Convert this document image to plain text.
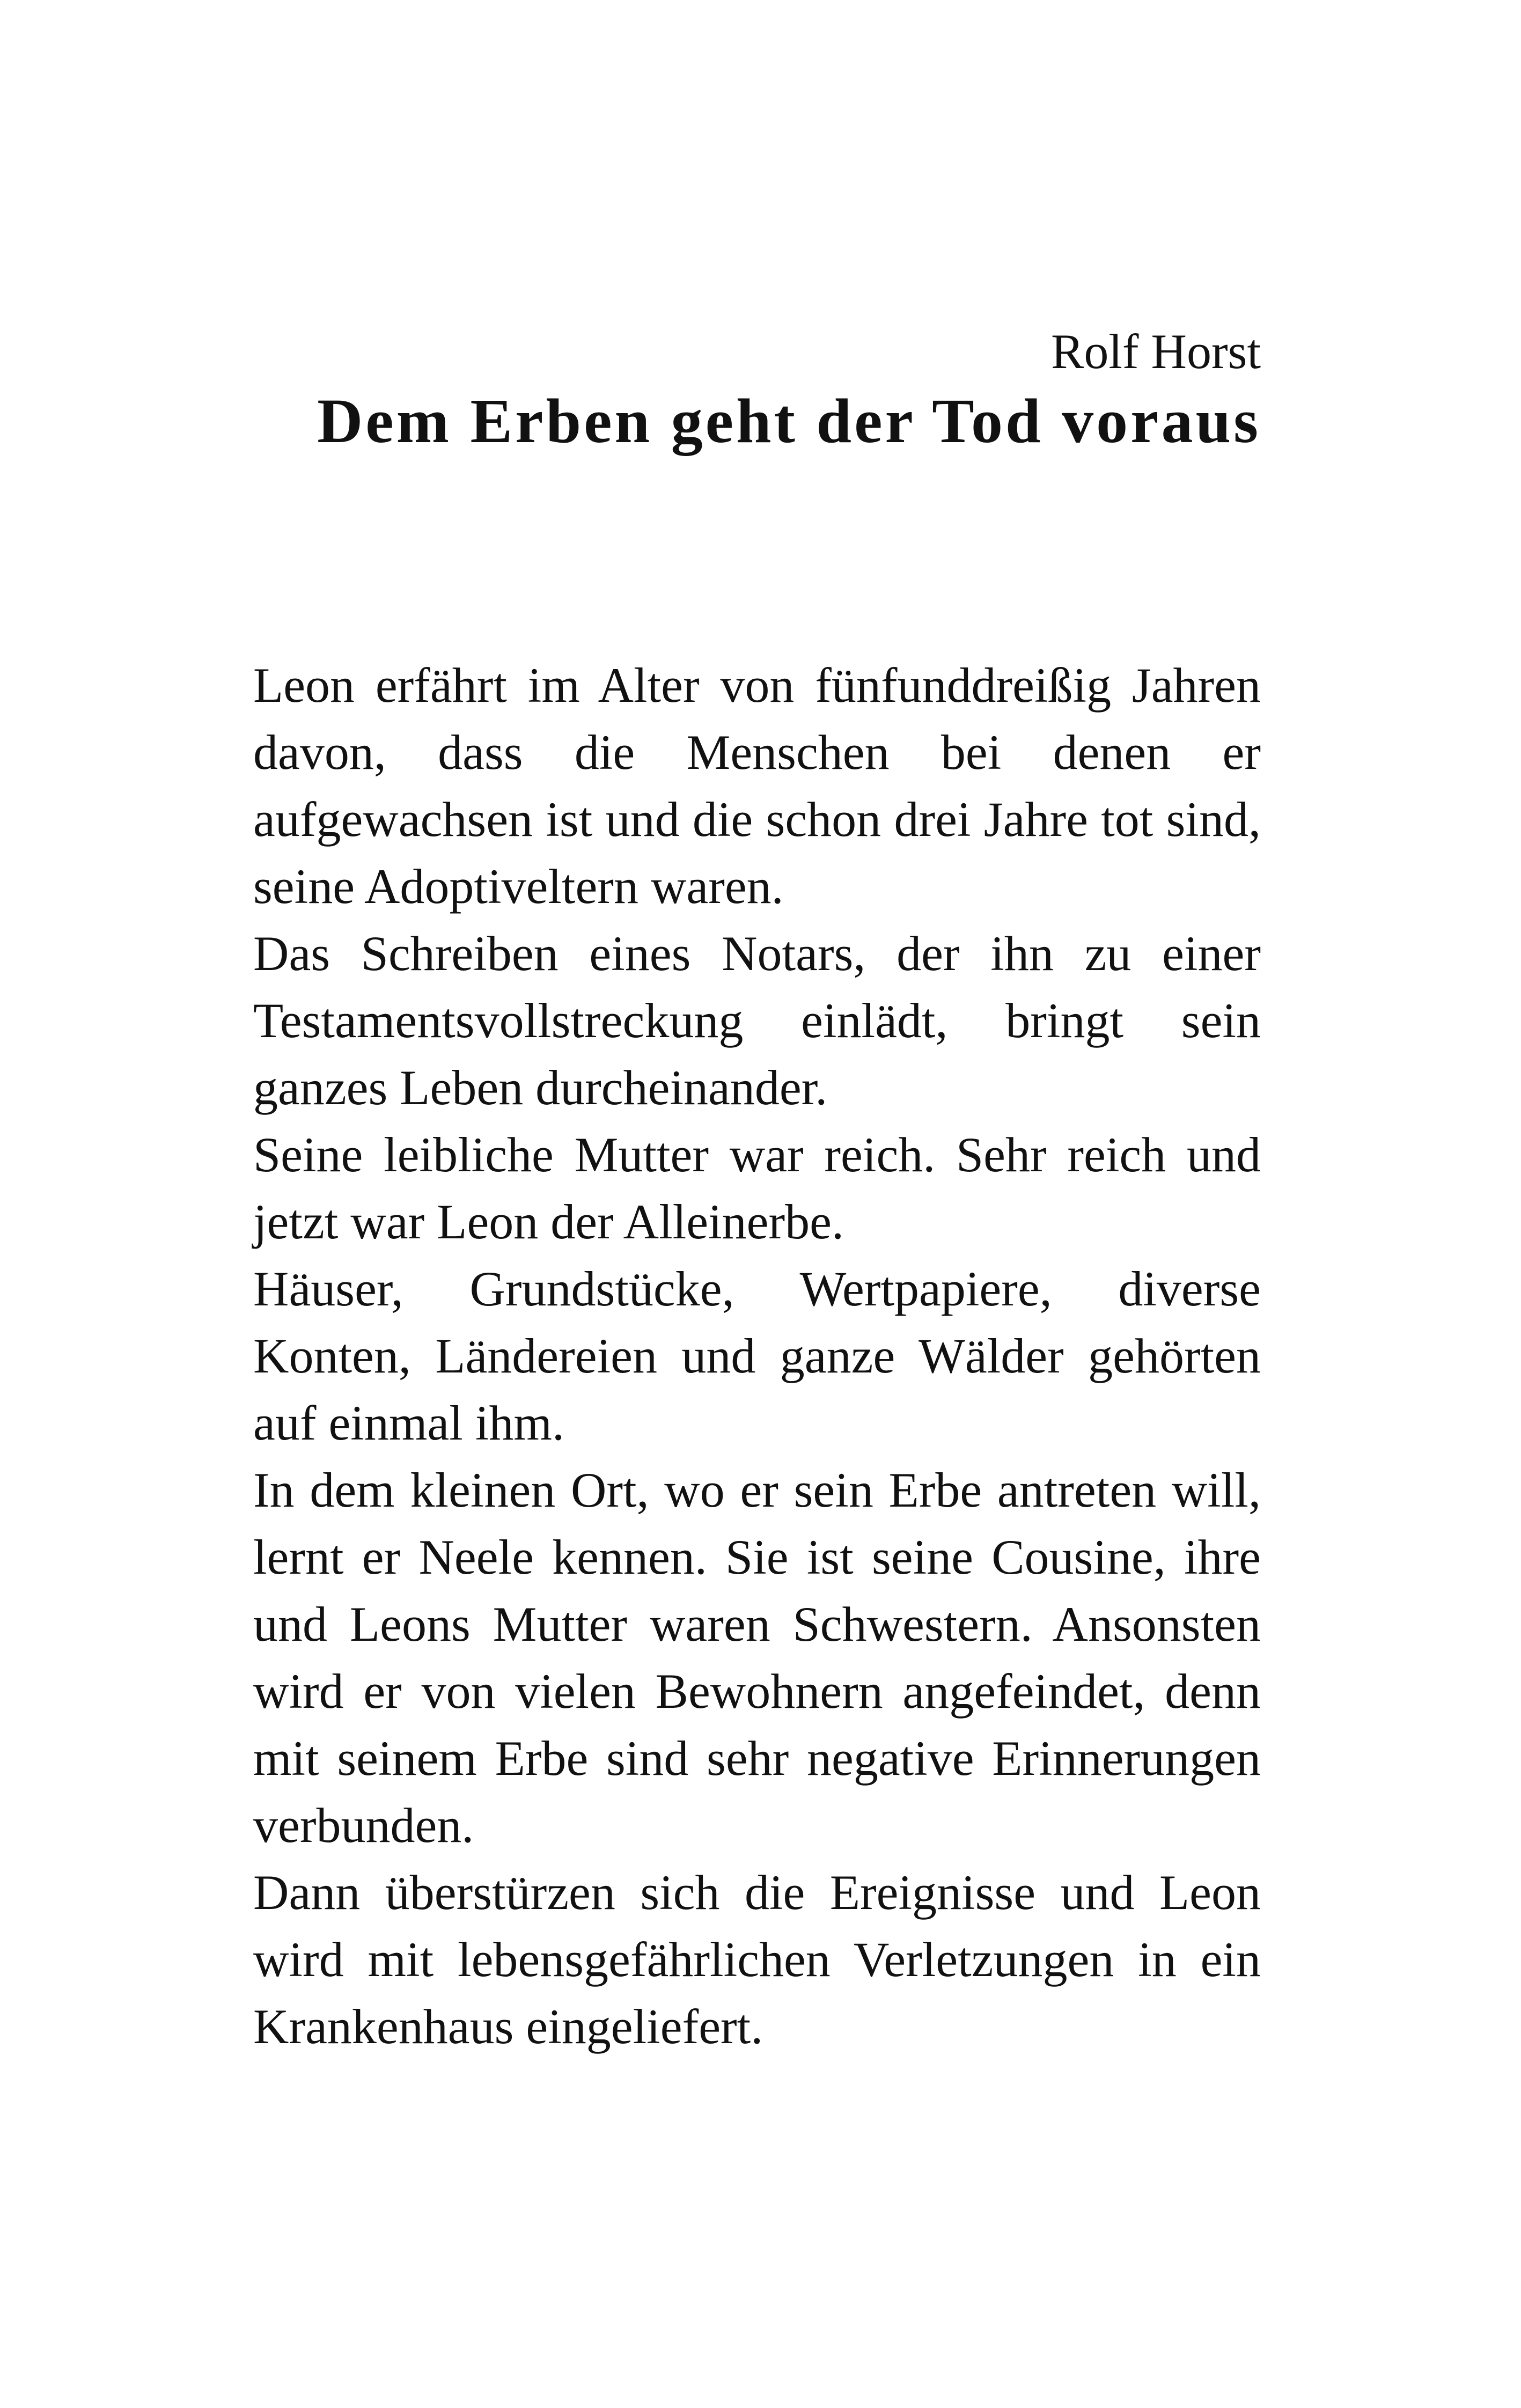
Rolf Horst
Dem Erben geht der Tod voraus

Leon erfährt im Alter von fünfunddreißig Jahren davon, dass die Menschen bei denen er aufgewachsen ist und die schon drei Jahre tot sind, seine Adoptiveltern waren.

Das Schreiben eines Notars, der ihn zu einer Testamentsvollstreckung einlädt, bringt sein ganzes Leben durcheinander.

Seine leibliche Mutter war reich. Sehr reich und jetzt war Leon der Alleinerbe.

Häuser, Grundstücke, Wertpapiere, diverse Konten, Ländereien und ganze Wälder gehörten auf einmal ihm.

In dem kleinen Ort, wo er sein Erbe antreten will, lernt er Neele kennen. Sie ist seine Cousine, ihre und Leons Mutter waren Schwestern. Ansonsten wird er von vielen Bewohnern angefeindet, denn mit seinem Erbe sind sehr negative Erinnerungen verbunden.

Dann überstürzen sich die Ereignisse und Leon wird mit lebensgefährlichen Verletzungen in ein Krankenhaus eingeliefert.
